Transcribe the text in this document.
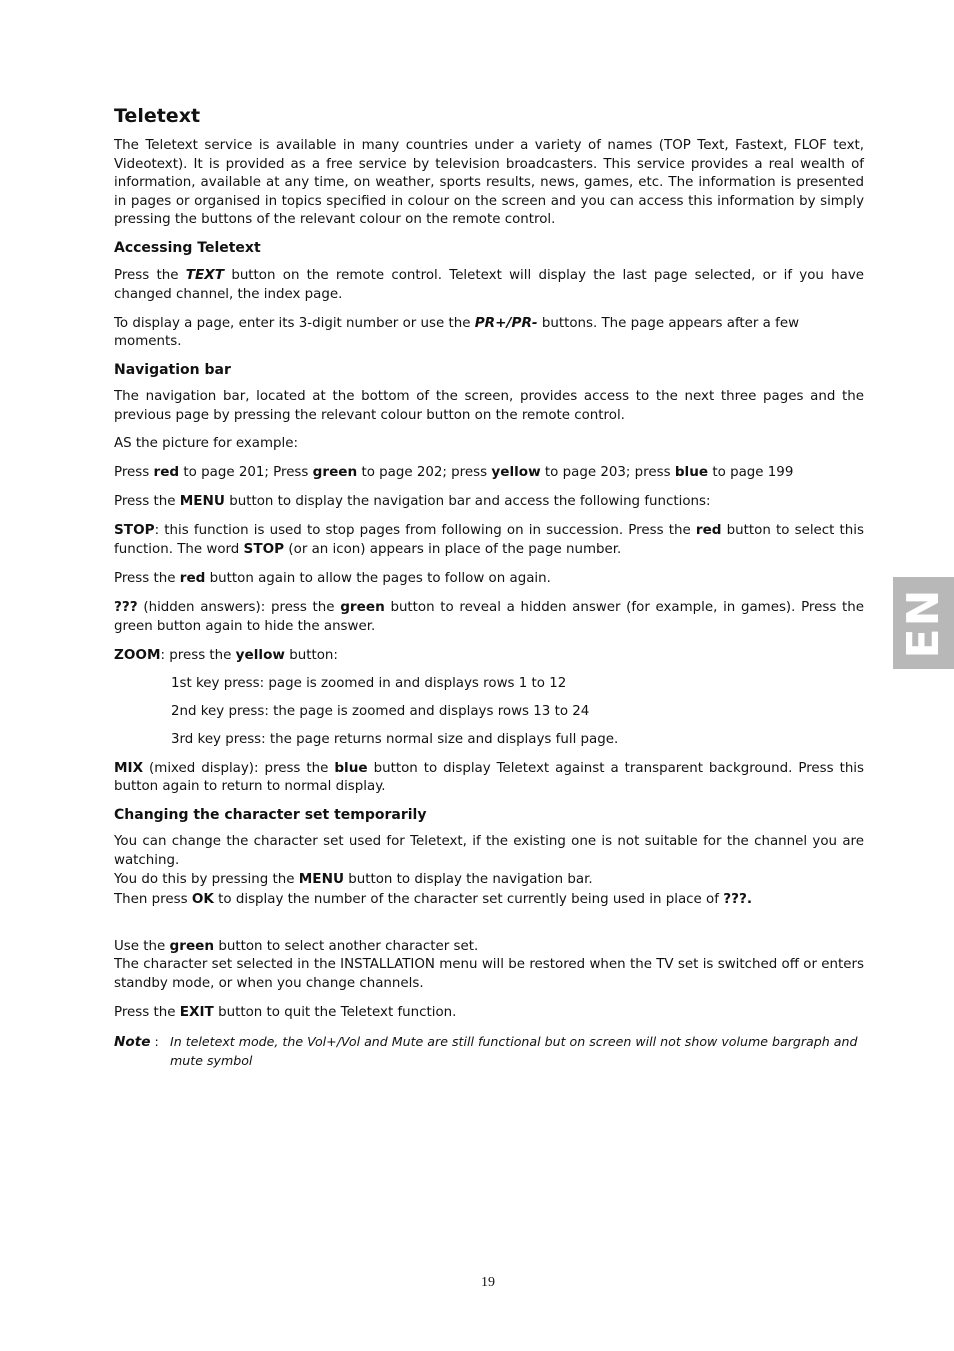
Teletext

The Teletext service is available in many countries under a variety of names (TOP Text, Fastext, FLOF text, Videotext). It is provided as a free service by television broadcasters. This service provides a real wealth of information, available at any time, on weather, sports results, news, games, etc. The information is presented in pages or organised in topics specified in colour on the screen and you can access this information by simply pressing the buttons of the relevant colour on the remote control.

Accessing Teletext

Press the TEXT button on the remote control. Teletext will display the last page selected, or if you have changed channel, the index page.

To display a page, enter its 3-digit number or use the PR+/PR- buttons. The page appears after a few moments.

Navigation bar

The navigation bar, located at the bottom of the screen, provides access to the next three pages and the previous page by pressing the relevant colour button on the remote control.

AS the picture for example:

Press red to page 201; Press green to page 202; press yellow to page 203; press blue to page 199

Press the MENU button to display the navigation bar and access the following functions:

STOP: this function is used to stop pages from following on in succession. Press the red button to select this function. The word STOP (or an icon) appears in place of the page number.

Press the red button again to allow the pages to follow on again.

??? (hidden answers): press the green button to reveal a hidden answer (for example, in games). Press the green button again to hide the answer.

ZOOM: press the yellow button:

1st key press: page is zoomed in and displays rows 1 to 12

2nd key press: the page is zoomed and displays rows 13 to 24

3rd key press: the page returns normal size and displays full page.

MIX (mixed display): press the blue button to display Teletext against a transparent background. Press this button again to return to normal display.

Changing the character set temporarily

You can change the character set used for Teletext, if the existing one is not suitable for the channel you are watching.
You do this by pressing the MENU button to display the navigation bar.
Then press OK to display the number of the character set currently being used in place of ???.

Use the green button to select another character set.
The character set selected in the INSTALLATION menu will be restored when the TV set is switched off or enters standby mode, or when you change channels.

Press the EXIT button to quit the Teletext function.

Note : In teletext mode, the Vol+/Vol and Mute are still functional but on screen will not show volume bargraph and mute symbol
EN
19
